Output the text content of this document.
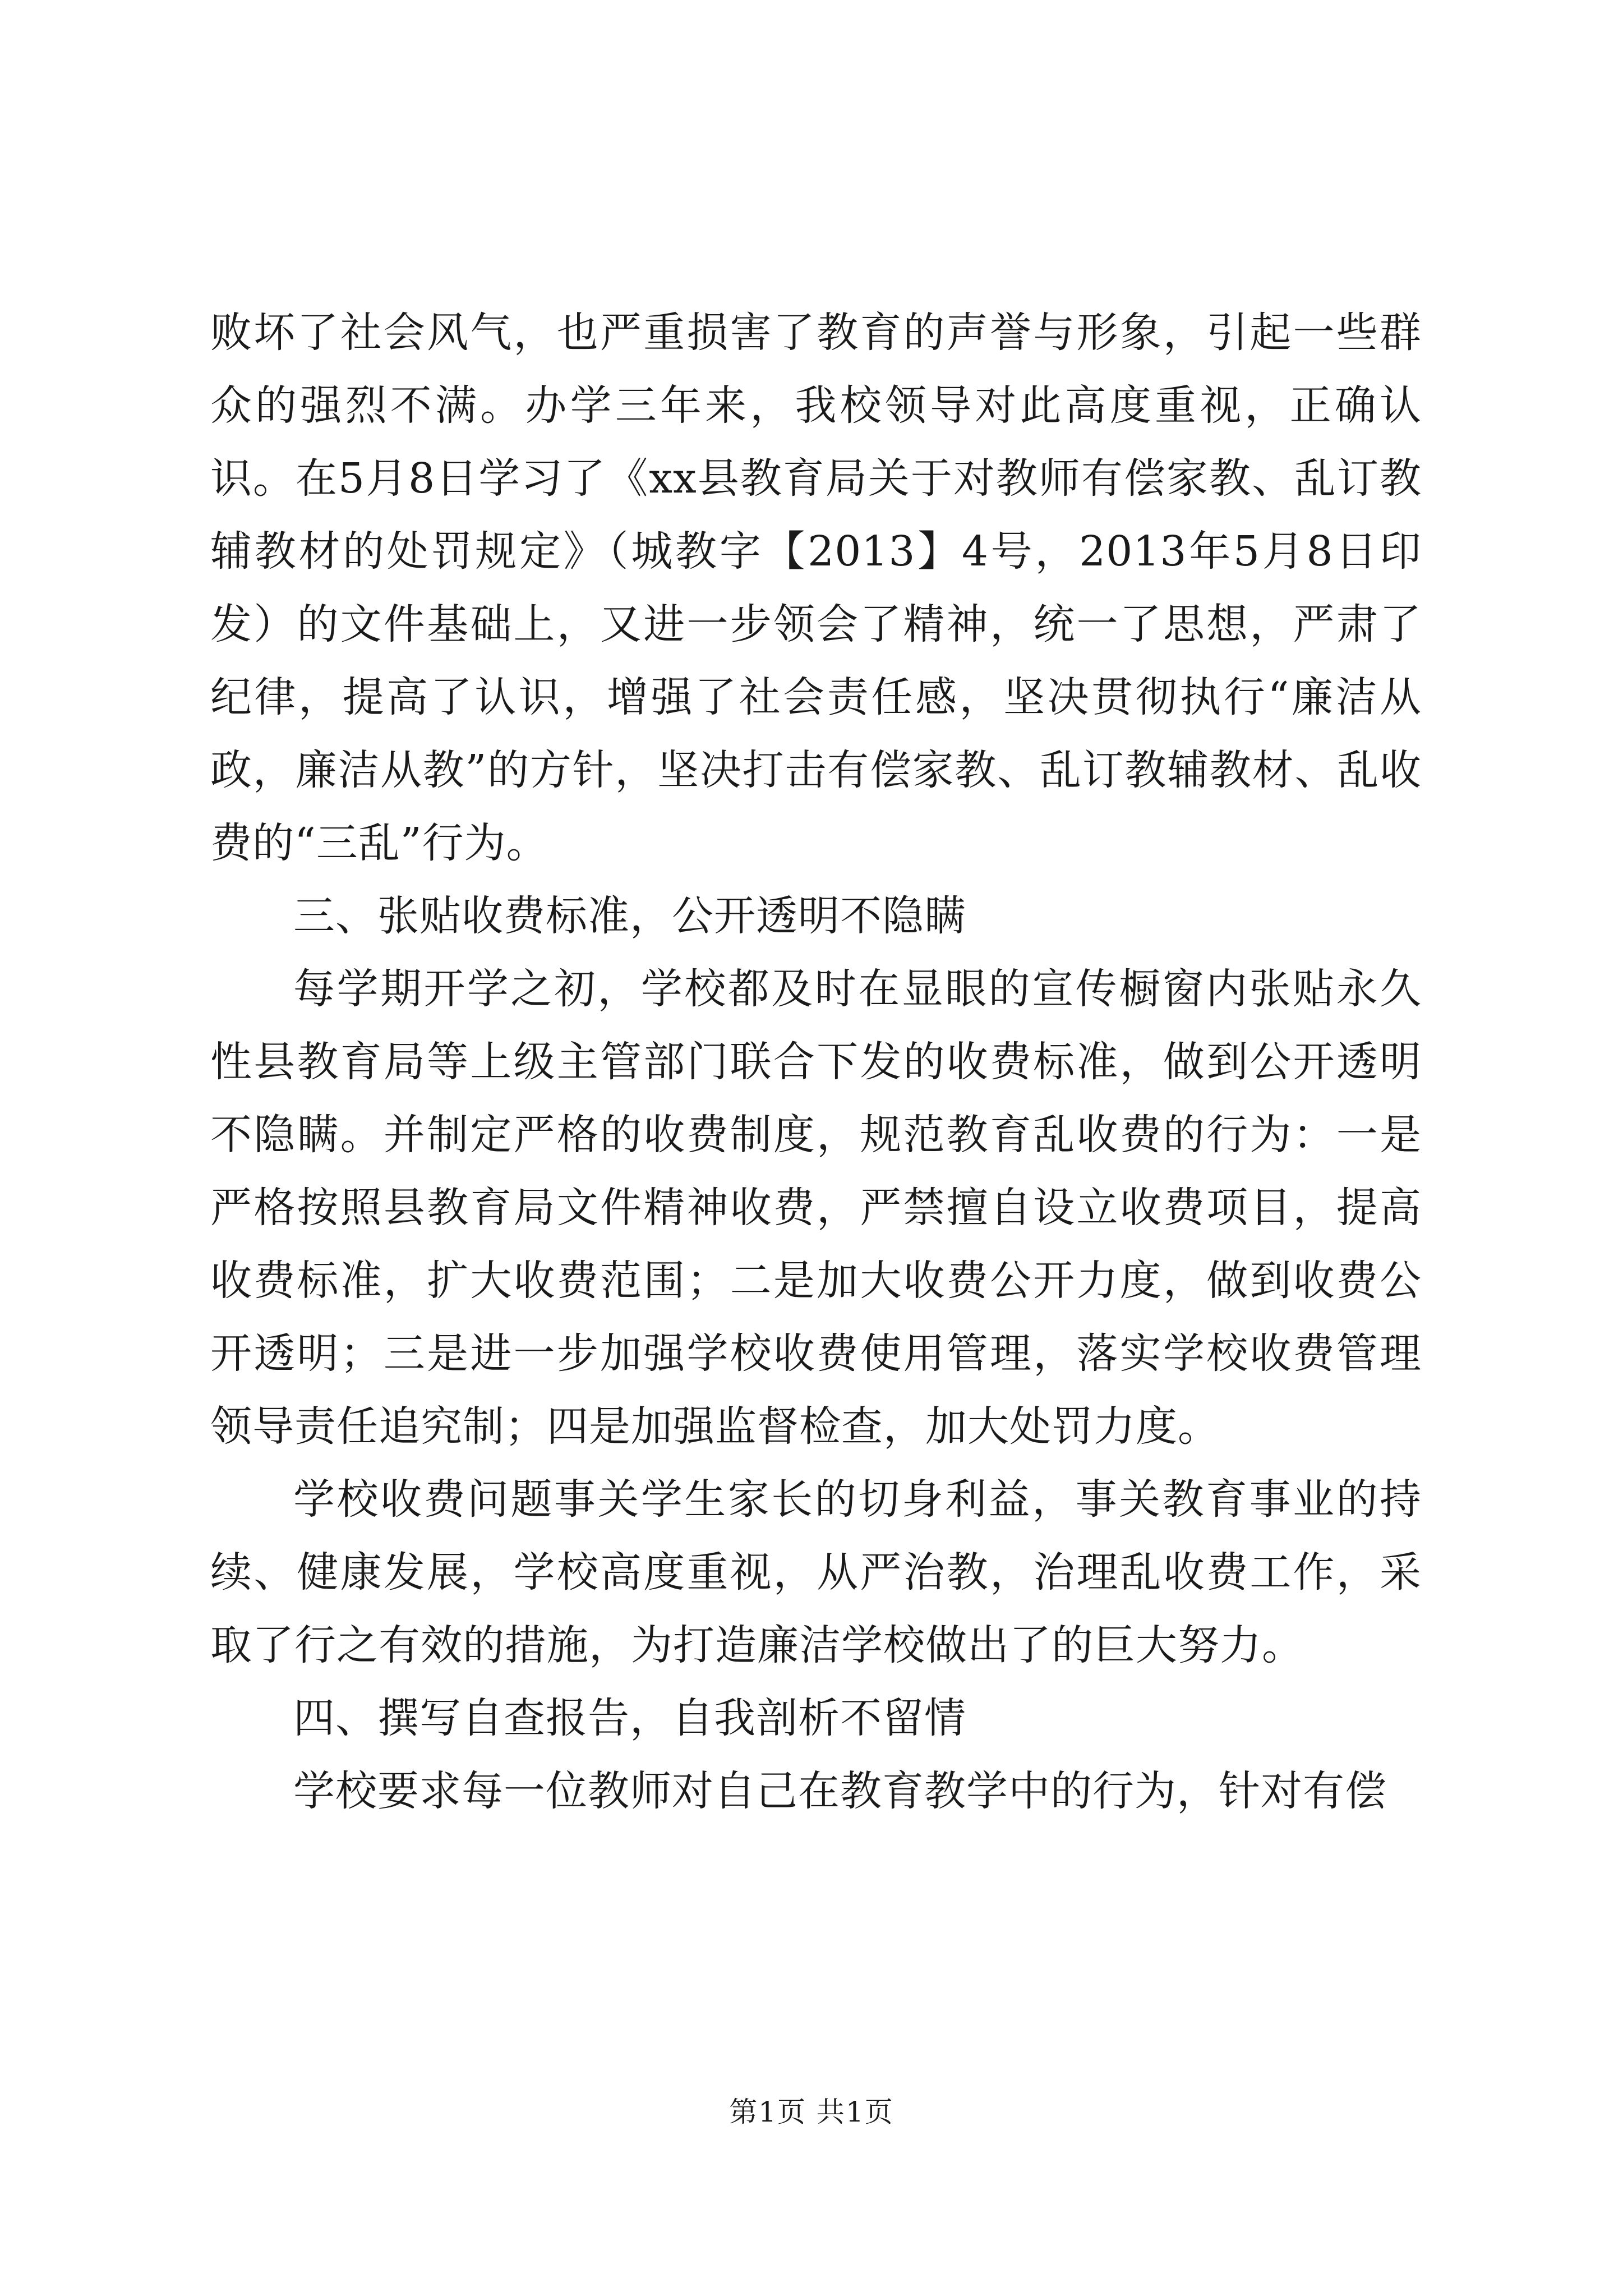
败坏了社会风气，也严重损害了教育的声誉与形象，引起一些群众的强烈不满。办学三年来，我校领导对此高度重视，正确认识。在5月8日学习了《xx县教育局关于对教师有偿家教、乱订教辅教材的处罚规定》（城教字【2013】4号，2013年5月8日印发）的文件基础上，又进一步领会了精神，统一了思想，严肃了纪律，提高了认识，增强了社会责任感，坚决贯彻执行“廉洁从政，廉洁从教”的方针，坚决打击有偿家教、乱订教辅教材、乱收费的“三乱”行为。

三、张贴收费标准，公开透明不隐瞒

每学期开学之初，学校都及时在显眼的宣传橱窗内张贴永久性县教育局等上级主管部门联合下发的收费标准，做到公开透明不隐瞒。并制定严格的收费制度，规范教育乱收费的行为：一是严格按照县教育局文件精神收费，严禁擅自设立收费项目，提高收费标准，扩大收费范围；二是加大收费公开力度，做到收费公开透明；三是进一步加强学校收费使用管理，落实学校收费管理领导责任追究制；四是加强监督检查，加大处罚力度。

学校收费问题事关学生家长的切身利益，事关教育事业的持续、健康发展，学校高度重视，从严治教，治理乱收费工作，采取了行之有效的措施，为打造廉洁学校做出了的巨大努力。

四、撰写自查报告，自我剖析不留情

学校要求每一位教师对自己在教育教学中的行为，针对有偿

第1页 共1页
